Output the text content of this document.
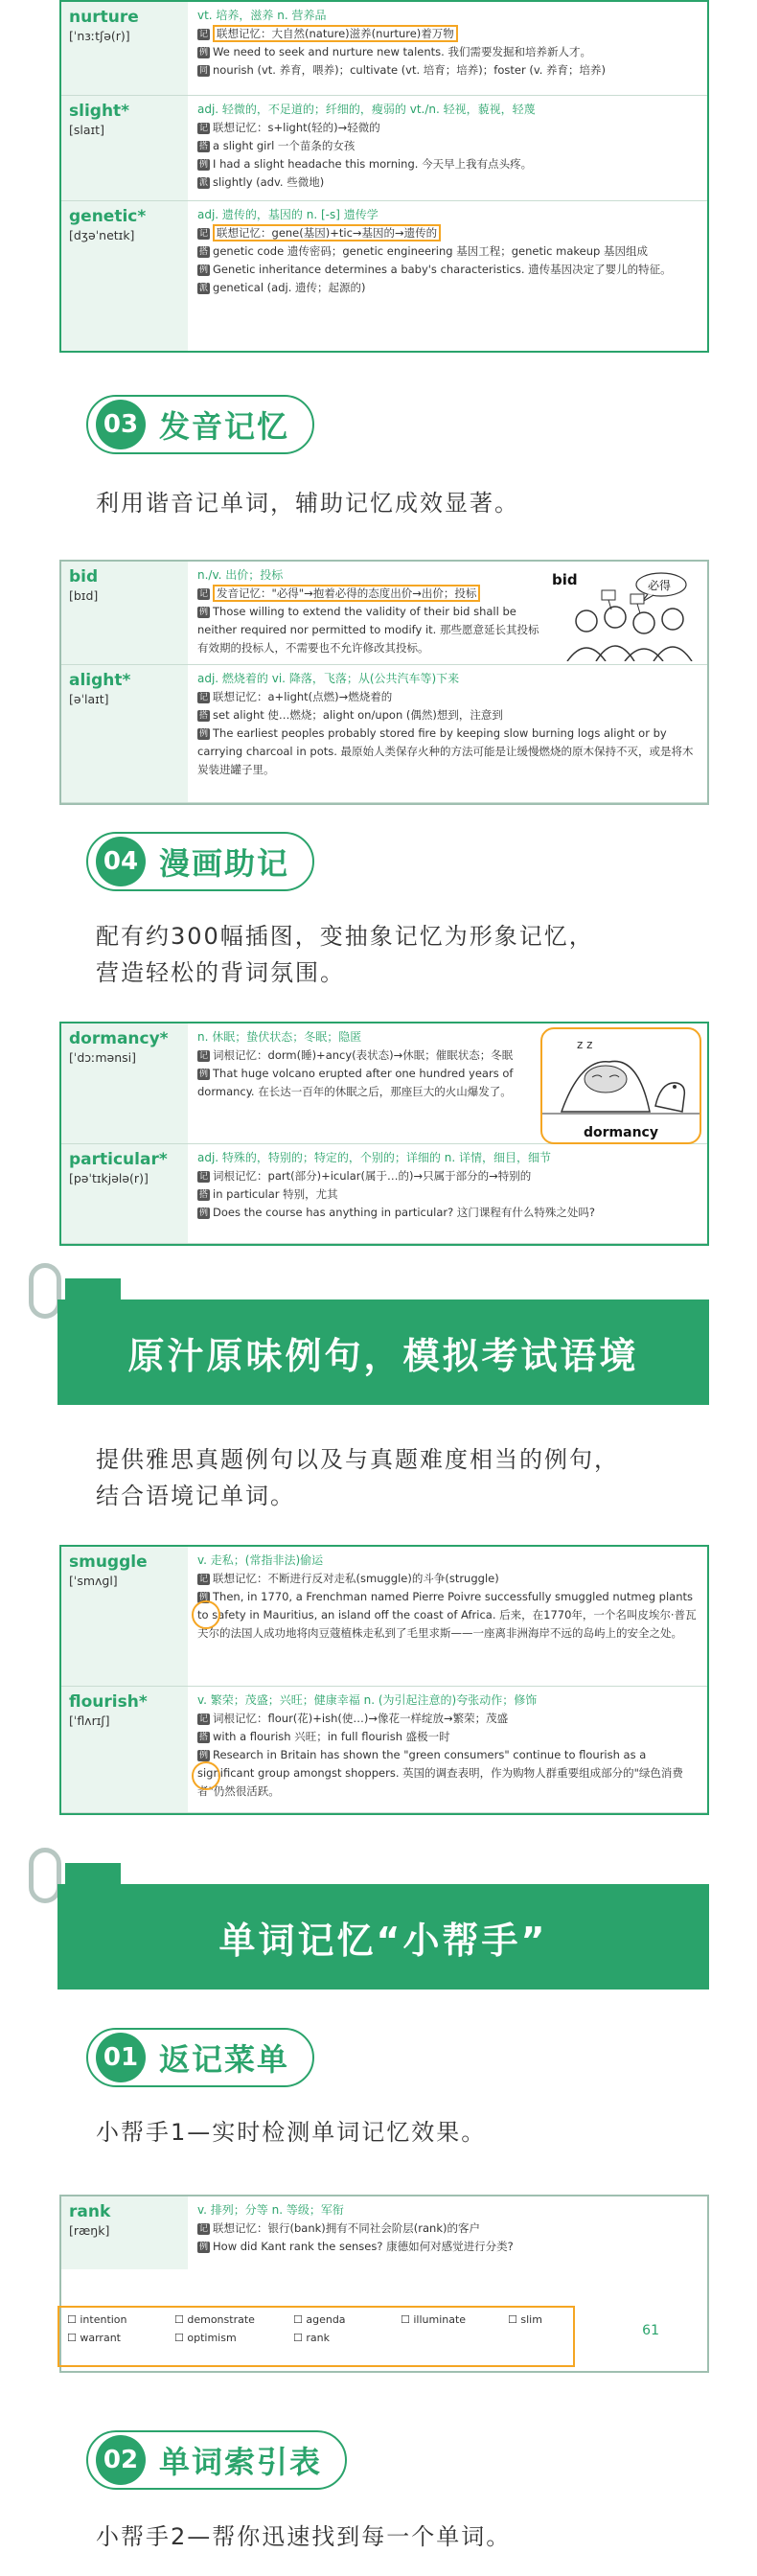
nurture
[ˈnɜːtʃə(r)]
vt. 培养，滋养 n. 营养品
记 联想记忆：大自然(nature)滋养(nurture)着万物
例 We need to seek and nurture new talents. 我们需要发掘和培养新人才。
同 nourish (vt. 养育，喂养)；cultivate (vt. 培育；培养)；foster (v. 养育；培养)
slight*
[slaɪt]
adj. 轻微的，不足道的；纤细的，瘦弱的 vt./n. 轻视，藐视，轻蔑
记 联想记忆：s+light(轻的)→轻微的
搭 a slight girl 一个苗条的女孩
例 I had a slight headache this morning. 今天早上我有点头疼。
派 slightly (adv. 些微地)
genetic*
[dʒəˈnetɪk]
adj. 遗传的，基因的 n. [-s] 遗传学
记 联想记忆：gene(基因)+tic→基因的→遗传的
搭 genetic code 遗传密码；genetic engineering 基因工程；genetic makeup 基因组成
例 Genetic inheritance determines a baby's characteristics. 遗传基因决定了婴儿的特征。
派 genetical (adj. 遗传；起源的)
03 发音记忆
利用谐音记单词，辅助记忆成效显著。
bid
[bɪd]
n./v. 出价；投标
记 发音记忆："必得"→抱着必得的态度出价→出价；投标
例 Those willing to extend the validity of their bid shall be neither required nor permitted to modify it. 那些愿意延长其投标有效期的投标人，不需要也不允许修改其投标。
alight*
[əˈlaɪt]
adj. 燃烧着的 vi. 降落，飞落；从(公共汽车等)下来
记 联想记忆：a+light(点燃)→燃烧着的
搭 set alight 使…燃烧；alight on/upon (偶然)想到，注意到
例 The earliest peoples probably stored fire by keeping slow burning logs alight or by carrying charcoal in pots. 最原始人类保存火种的方法可能是让缓慢燃烧的原木保持不灭，或是将木炭装进罐子里。
bid	必得
04 漫画助记
配有约300幅插图，变抽象记忆为形象记忆，
营造轻松的背词氛围。
dormancy*
[ˈdɔːmənsi]
n. 休眠；蛰伏状态；冬眠；隐匿
记 词根记忆：dorm(睡)+ancy(表状态)→休眠；催眠状态；冬眠
例 That huge volcano erupted after one hundred years of dormancy. 在长达一百年的休眠之后，那座巨大的火山爆发了。
particular*
[pəˈtɪkjələ(r)]
adj. 特殊的，特别的；特定的，个别的；详细的 n. 详情，细目，细节
记 词根记忆：part(部分)+icular(属于…的)→只属于部分的→特别的
搭 in particular 特别，尤其
例 Does the course has anything in particular? 这门课程有什么特殊之处吗?
z z
dormancy
原汁原味例句，模拟考试语境
提供雅思真题例句以及与真题难度相当的例句，
结合语境记单词。
smuggle
[ˈsmʌɡl]
v. 走私；(常指非法)偷运
记 联想记忆：不断进行反对走私(smuggle)的斗争(struggle)
例 Then, in 1770, a Frenchman named Pierre Poivre successfully smuggled nutmeg plants to safety in Mauritius, an island off the coast of Africa. 后来，在1770年，一个名叫皮埃尔·普瓦夫尔的法国人成功地将肉豆蔻植株走私到了毛里求斯——一座离非洲海岸不远的岛屿上的安全之处。
flourish*
[ˈflʌrɪʃ]
v. 繁荣；茂盛；兴旺；健康幸福 n. (为引起注意的)夸张动作；修饰
记 词根记忆：flour(花)+ish(使…)→像花一样绽放→繁荣；茂盛
搭 with a flourish 兴旺；in full flourish 盛极一时
例 Research in Britain has shown the "green consumers" continue to flourish as a significant group amongst shoppers. 英国的调查表明，作为购物人群重要组成部分的"绿色消费者"仍然很活跃。
单词记忆“小帮手”
01 返记菜单
小帮手1—实时检测单词记忆效果。
rank
[ræŋk]
v. 排列；分等 n. 等级；军衔
记 联想记忆：银行(bank)拥有不同社会阶层(rank)的客户
例 How did Kant rank the senses? 康德如何对感觉进行分类?
☐ intention	☐ demonstrate	☐ agenda	☐ illuminate	☐ slim
☐ warrant	☐ optimism	☐ rank	61
02 单词索引表
小帮手2—帮你迅速找到每一个单词。
